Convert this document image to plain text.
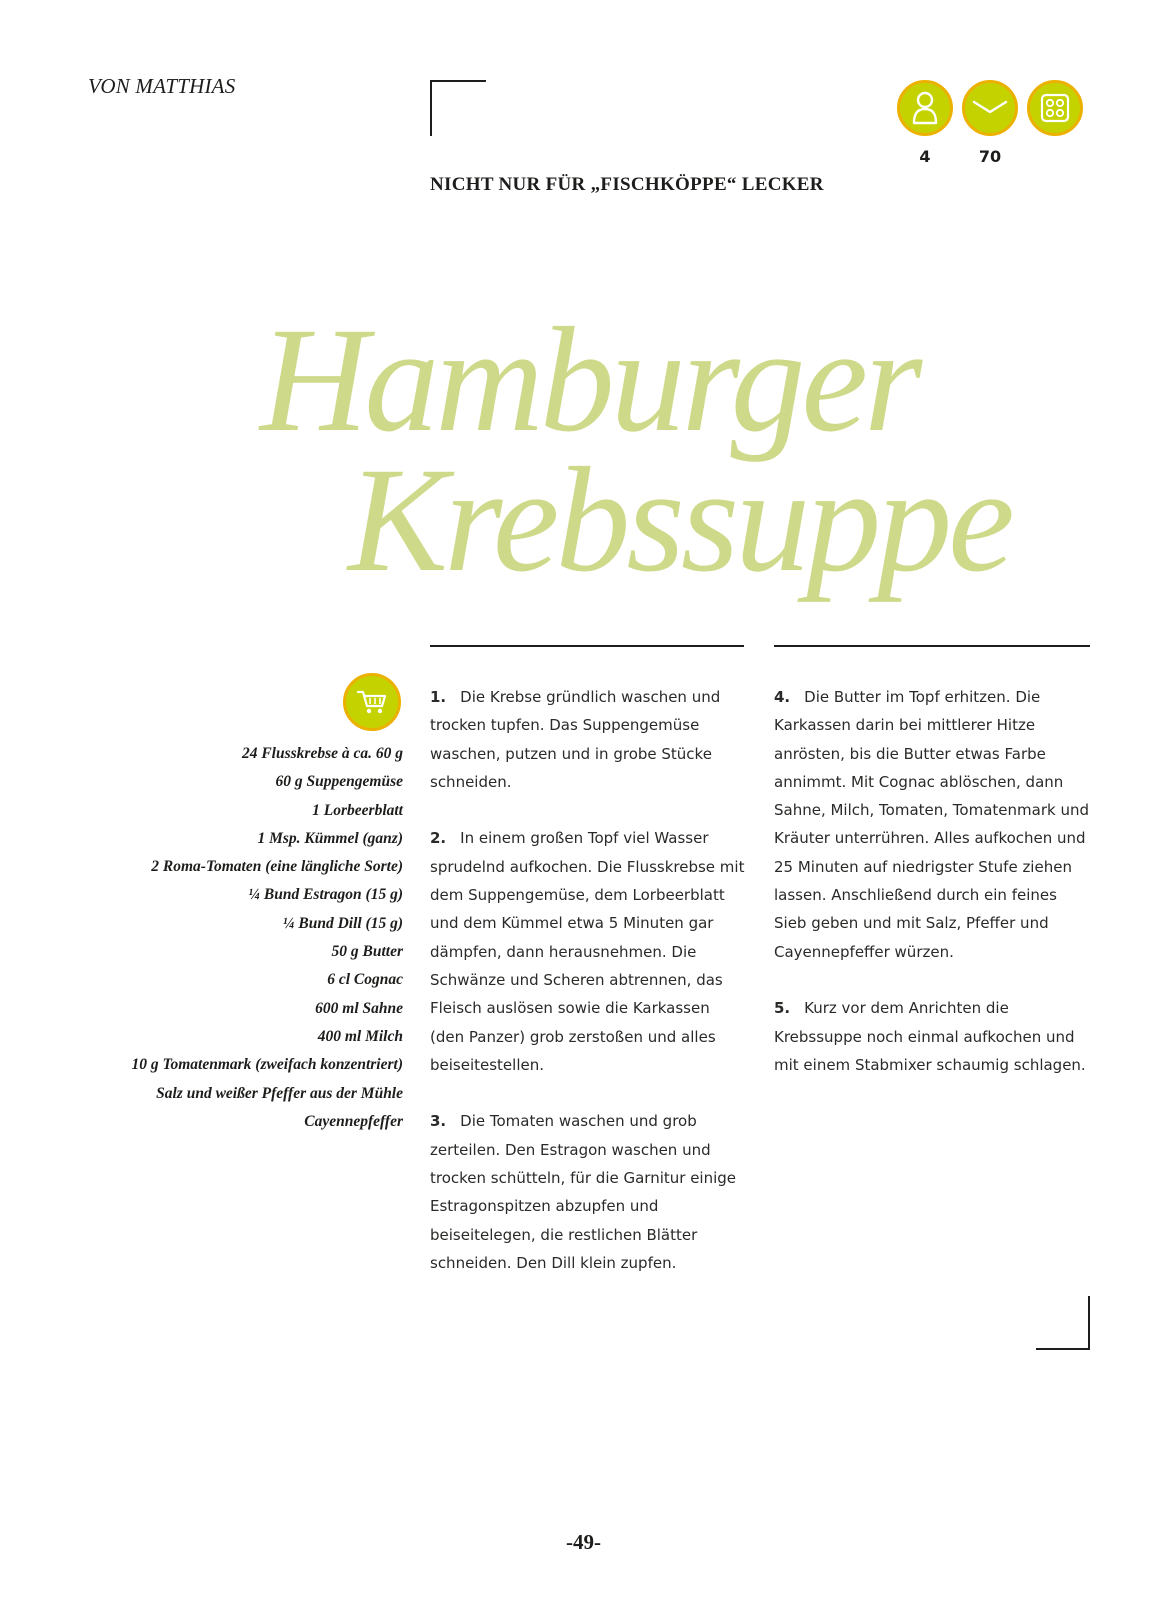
VON MATTHIAS
NICHT NUR FÜR „FISCHKÖPPE“ LECKER
4	70
Hamburger
Krebssuppe
24 Flusskrebse à ca. 60 g
60 g Suppengemüse
1 Lorbeerblatt
1 Msp. Kümmel (ganz)
2 Roma-Tomaten (eine längliche Sorte)
¼ Bund Estragon (15 g)
¼ Bund Dill (15 g)
50 g Butter
6 cl Cognac
600 ml Sahne
400 ml Milch
10 g Tomatenmark (zweifach konzentriert)
Salz und weißer Pfeffer aus der Mühle
Cayennepfeffer
1. Die Krebse gründlich waschen und trocken tupfen. Das Suppengemüse waschen, putzen und in grobe Stücke schneiden.
2. In einem großen Topf viel Wasser sprudelnd aufkochen. Die Flusskrebse mit dem Suppengemüse, dem Lorbeerblatt und dem Kümmel etwa 5 Minuten gar dämpfen, dann herausnehmen. Die Schwänze und Scheren abtrennen, das Fleisch auslösen sowie die Karkassen (den Panzer) grob zerstoßen und alles beiseitestellen.
3. Die Tomaten waschen und grob zerteilen. Den Estragon waschen und trocken schütteln, für die Garnitur einige Estragonspitzen abzupfen und beiseitelegen, die restlichen Blätter schneiden. Den Dill klein zupfen.
4. Die Butter im Topf erhitzen. Die Karkassen darin bei mittlerer Hitze anrösten, bis die Butter etwas Farbe annimmt. Mit Cognac ablöschen, dann Sahne, Milch, Tomaten, Tomatenmark und Kräuter unterrühren. Alles aufkochen und 25 Minuten auf niedrigster Stufe ziehen lassen. Anschließend durch ein feines Sieb geben und mit Salz, Pfeffer und Cayennepfeffer würzen.
5. Kurz vor dem Anrichten die Krebssuppe noch einmal aufkochen und mit einem Stabmixer schaumig schlagen.
-49-
